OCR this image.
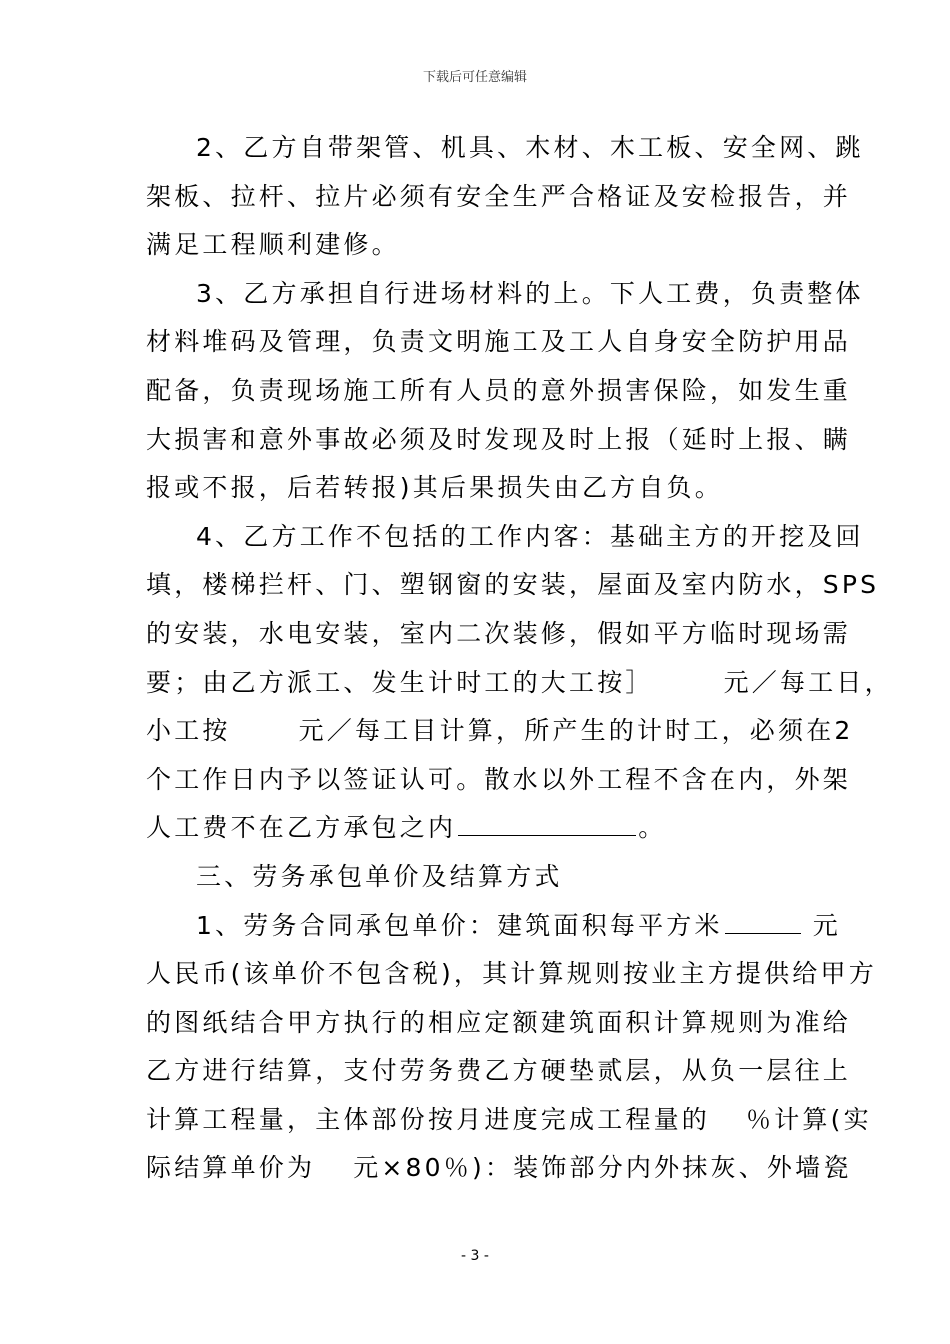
下载后可任意编辑
2、乙方自带架管、机具、木材、木工板、安全网、跳
架板、拉杆、拉片必须有安全生严合格证及安检报告，并
满足工程顺利建修。
3、乙方承担自行进场材料的上。下人工费，负责整体
材料堆码及管理，负责文明施工及工人自身安全防护用品
配备，负责现场施工所有人员的意外损害保险，如发生重
大损害和意外事故必须及时发现及时上报（延时上报、瞒
报或不报，后若转报)其后果损失由乙方自负。
4、乙方工作不包括的工作内客：基础主方的开挖及回
填，楼梯拦杆、门、塑钢窗的安装，屋面及室内防水，SPS
的安装，水电安装，室内二次装修，假如平方临时现场需
要；由乙方派工、发生计时工的大工按］	元／每工日，
小工按	元／每工目计算，所产生的计时工，必须在2
个工作日内予以签证认可。散水以外工程不含在内，外架
人工费不在乙方承包之内	。
三、劳务承包单价及结算方式
1、劳务合同承包单价：建筑面积每平方米	元
人民币(该单价不包含税)，其计算规则按业主方提供给甲方
的图纸结合甲方执行的相应定额建筑面积计算规则为准给
乙方进行结算，支付劳务费乙方硬垫贰层，从负一层往上
计算工程量，主体部份按月进度完成工程量的 ％计算(实
际结算单价为 元×80％)：装饰部分内外抹灰、外墙瓷
- 3 -
